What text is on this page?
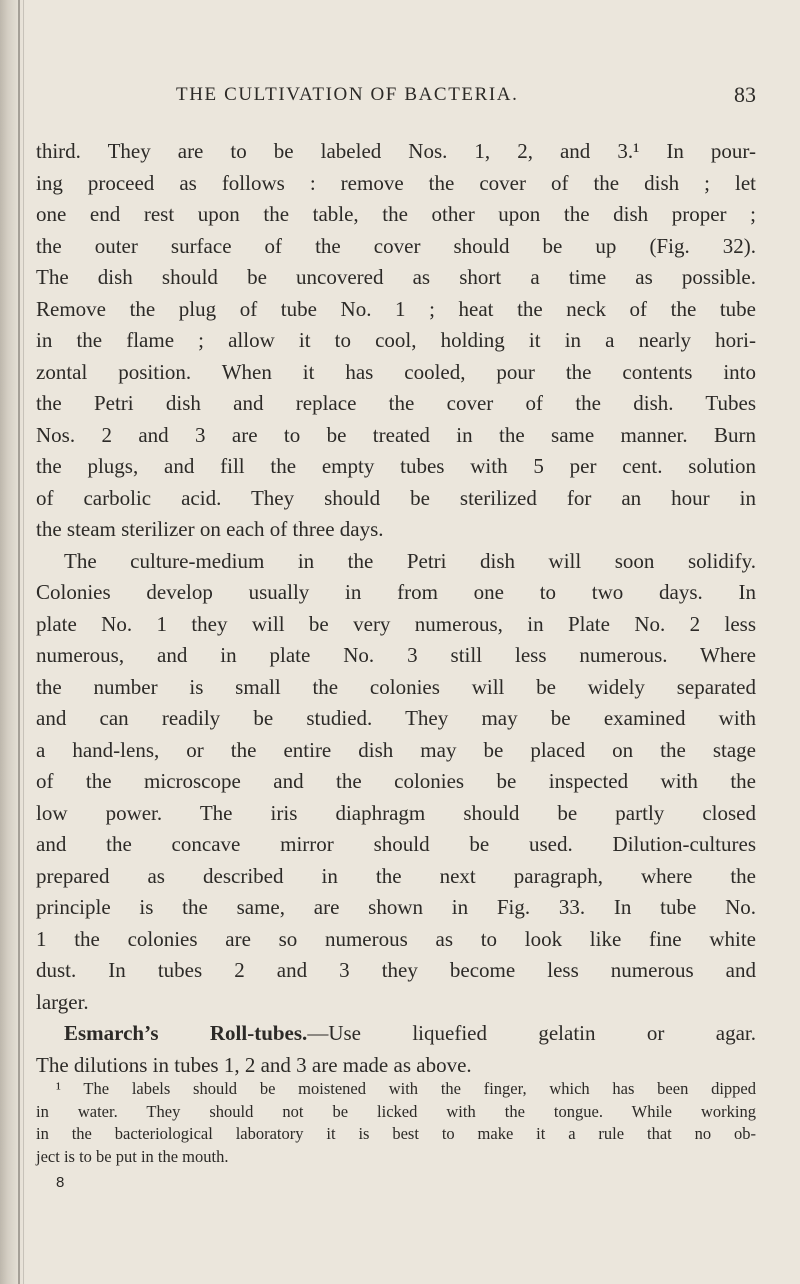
THE CULTIVATION OF BACTERIA.	83
third. They are to be labeled Nos. 1, 2, and 3.¹ In pour-
ing proceed as follows : remove the cover of the dish ; let
one end rest upon the table, the other upon the dish proper ;
the outer surface of the cover should be up (Fig. 32).
The dish should be uncovered as short a time as possible.
Remove the plug of tube No. 1 ; heat the neck of the tube
in the flame ; allow it to cool, holding it in a nearly hori-
zontal position. When it has cooled, pour the contents into
the Petri dish and replace the cover of the dish. Tubes
Nos. 2 and 3 are to be treated in the same manner. Burn
the plugs, and fill the empty tubes with 5 per cent. solution
of carbolic acid. They should be sterilized for an hour in
the steam sterilizer on each of three days.
The culture-medium in the Petri dish will soon solidify.
Colonies develop usually in from one to two days. In
plate No. 1 they will be very numerous, in Plate No. 2 less
numerous, and in plate No. 3 still less numerous. Where
the number is small the colonies will be widely separated
and can readily be studied. They may be examined with
a hand-lens, or the entire dish may be placed on the stage
of the microscope and the colonies be inspected with the
low power. The iris diaphragm should be partly closed
and the concave mirror should be used. Dilution-cultures
prepared as described in the next paragraph, where the
principle is the same, are shown in Fig. 33. In tube No.
1 the colonies are so numerous as to look like fine white
dust. In tubes 2 and 3 they become less numerous and
larger.
Esmarch’s Roll-tubes.—Use liquefied gelatin or agar.
The dilutions in tubes 1, 2 and 3 are made as above.
¹ The labels should be moistened with the finger, which has been dipped
in water. They should not be licked with the tongue. While working
in the bacteriological laboratory it is best to make it a rule that no ob-
ject is to be put in the mouth.
8
